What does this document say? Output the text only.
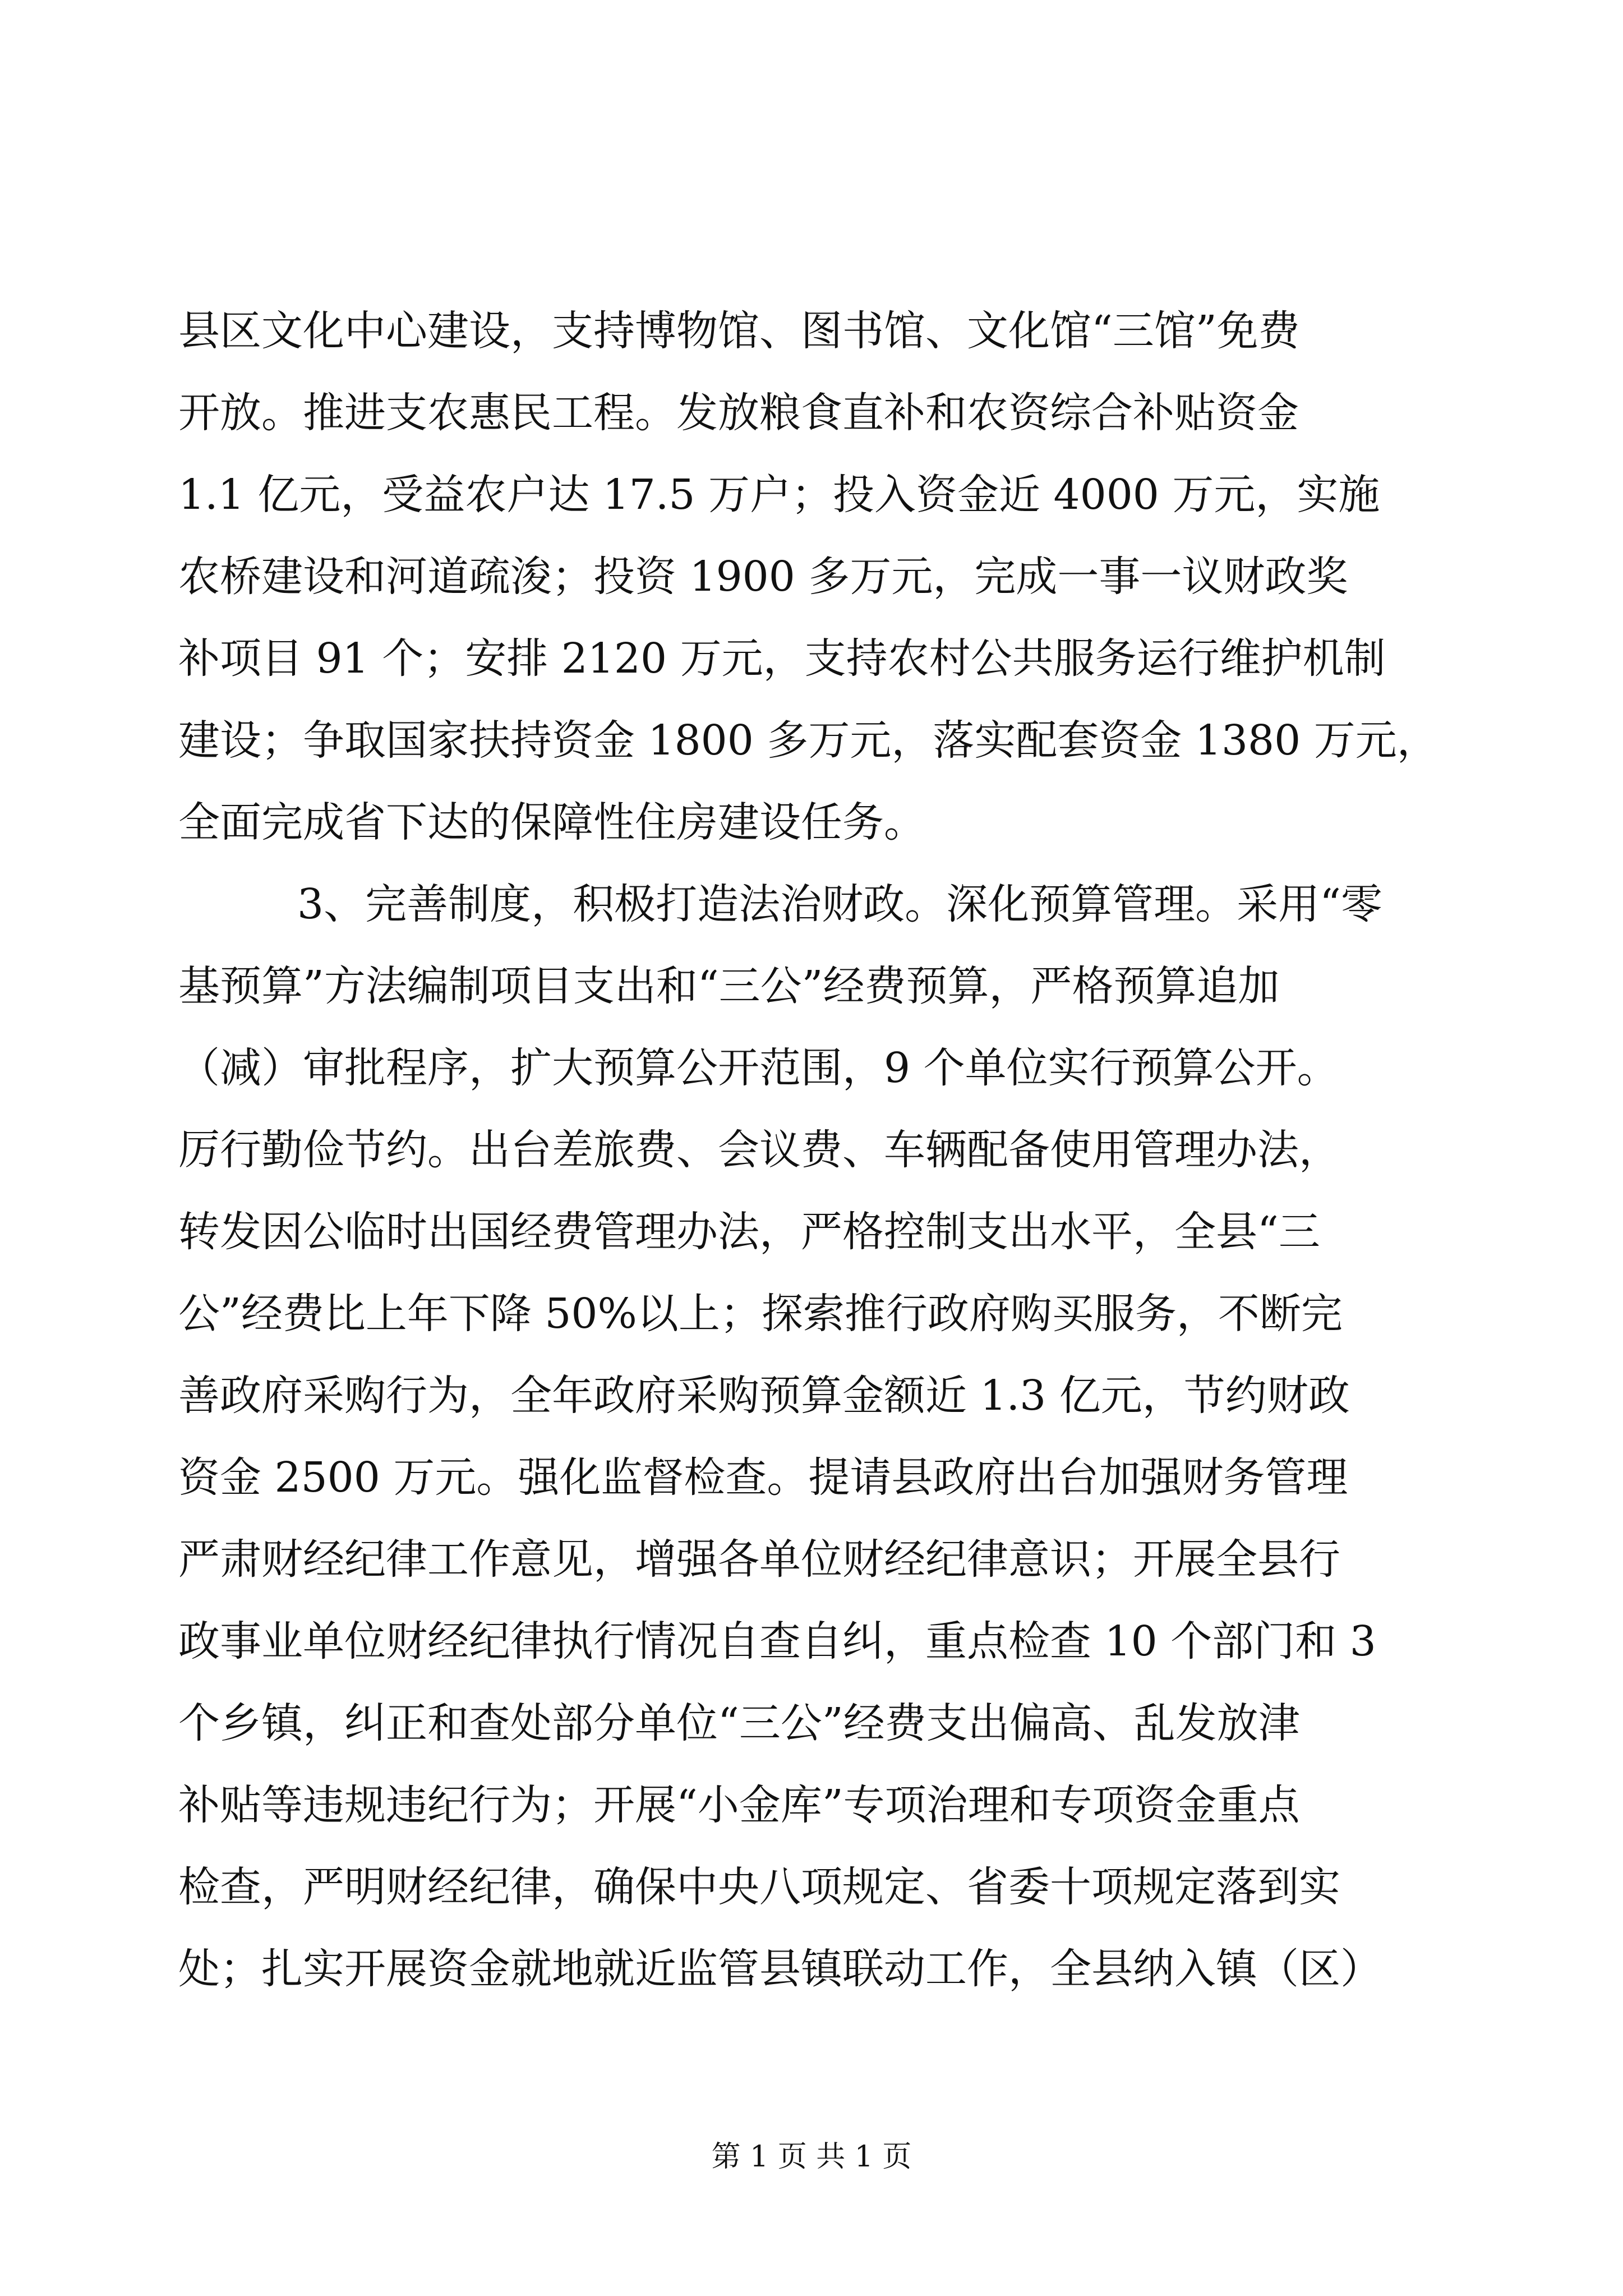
县区文化中心建设，支持博物馆、图书馆、文化馆“三馆”免费
开放。推进支农惠民工程。发放粮食直补和农资综合补贴资金
1.1 亿元，受益农户达 17.5 万户；投入资金近 4000 万元，实施
农桥建设和河道疏浚；投资 1900 多万元，完成一事一议财政奖
补项目 91 个；安排 2120 万元，支持农村公共服务运行维护机制
建设；争取国家扶持资金 1800 多万元，落实配套资金 1380 万元，
全面完成省下达的保障性住房建设任务。
3、完善制度，积极打造法治财政。深化预算管理。采用“零
基预算”方法编制项目支出和“三公”经费预算，严格预算追加
（减）审批程序，扩大预算公开范围，9 个单位实行预算公开。
厉行勤俭节约。出台差旅费、会议费、车辆配备使用管理办法，
转发因公临时出国经费管理办法，严格控制支出水平，全县“三
公”经费比上年下降 50%以上；探索推行政府购买服务，不断完
善政府采购行为，全年政府采购预算金额近 1.3 亿元，节约财政
资金 2500 万元。强化监督检查。提请县政府出台加强财务管理
严肃财经纪律工作意见，增强各单位财经纪律意识；开展全县行
政事业单位财经纪律执行情况自查自纠，重点检查 10 个部门和 3
个乡镇，纠正和查处部分单位“三公”经费支出偏高、乱发放津
补贴等违规违纪行为；开展“小金库”专项治理和专项资金重点
检查，严明财经纪律，确保中央八项规定、省委十项规定落到实
处；扎实开展资金就地就近监管县镇联动工作，全县纳入镇（区）
第 1 页 共 1 页
